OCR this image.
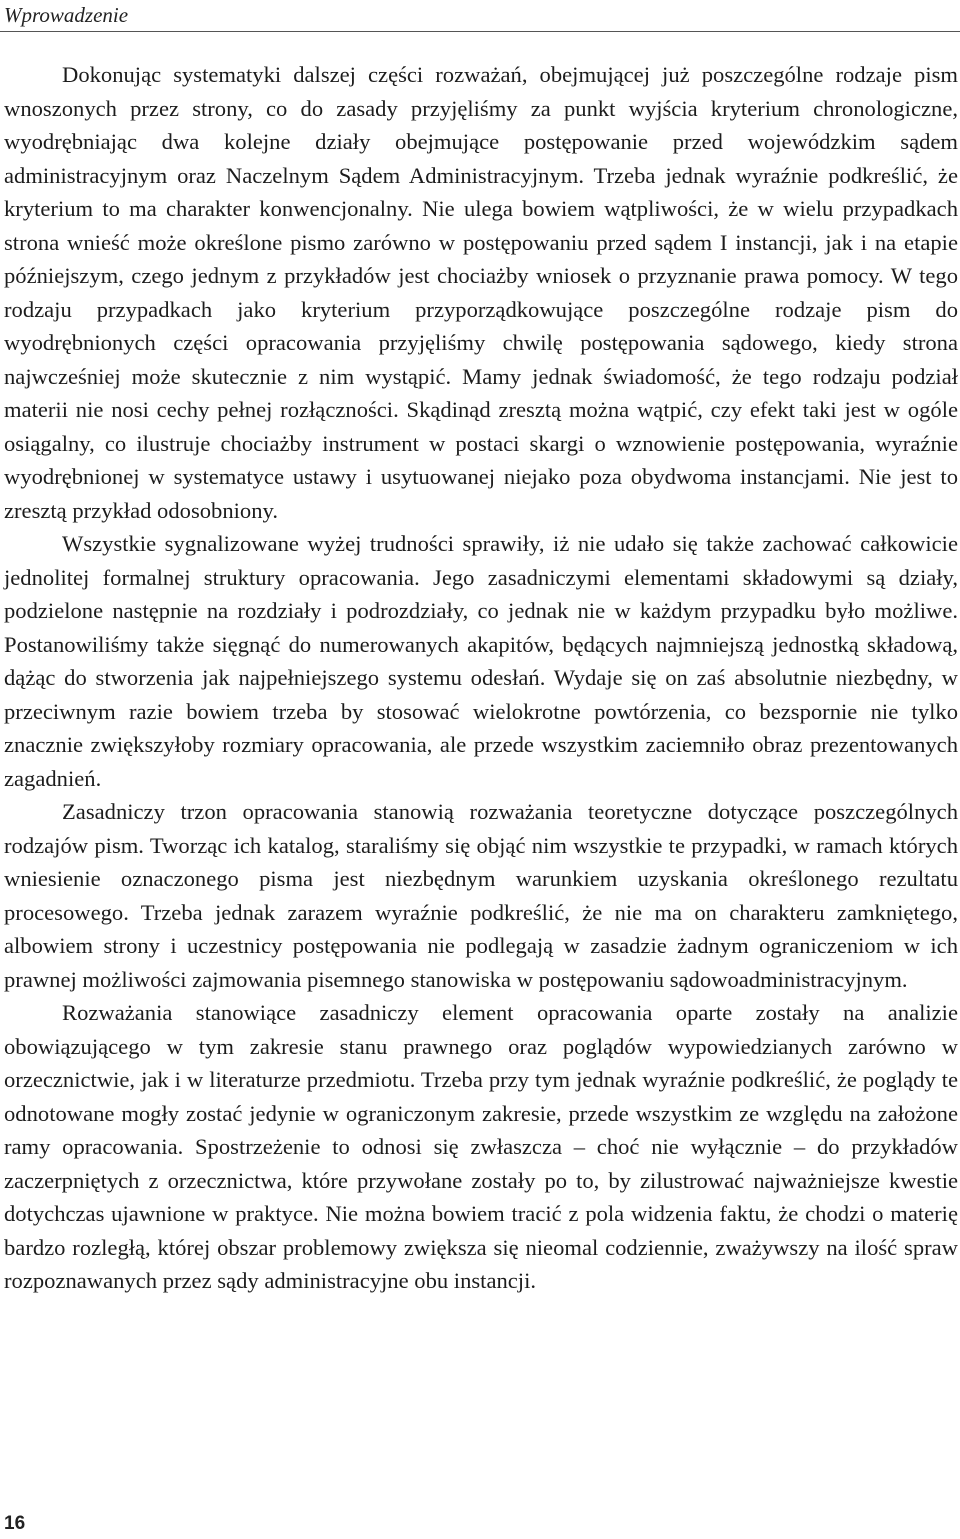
Wprowadzenie

Dokonując systematyki dalszej części rozważań, obejmującej już poszczególne rodzaje pism wnoszonych przez strony, co do zasady przyjęliśmy za punkt wyjścia kryterium chronologiczne, wyodrębniając dwa kolejne działy obejmujące postępowanie przed wojewódzkim sądem administracyjnym oraz Naczelnym Sądem Administracyjnym. Trzeba jednak wyraźnie podkreślić, że kryterium to ma charakter konwencjonalny. Nie ulega bowiem wątpliwości, że w wielu przypadkach strona wnieść może określone pismo zarówno w postępowaniu przed sądem I instancji, jak i na etapie późniejszym, czego jednym z przykładów jest chociażby wniosek o przyznanie prawa pomocy. W tego rodzaju przypadkach jako kryterium przyporządkowujące poszczególne rodzaje pism do wyodrębnionych części opracowania przyjęliśmy chwilę postępowania sądowego, kiedy strona najwcześniej może skutecznie z nim wystąpić. Mamy jednak świadomość, że tego rodzaju podział materii nie nosi cechy pełnej rozłączności. Skądinąd zresztą można wątpić, czy efekt taki jest w ogóle osiągalny, co ilustruje chociażby instrument w postaci skargi o wznowienie postępowania, wyraźnie wyodrębnionej w systematyce ustawy i usytuowanej niejako poza obydwoma instancjami. Nie jest to zresztą przykład odosobniony.

Wszystkie sygnalizowane wyżej trudności sprawiły, iż nie udało się także zachować całkowicie jednolitej formalnej struktury opracowania. Jego zasadniczymi elementami składowymi są działy, podzielone następnie na rozdziały i podrozdziały, co jednak nie w każdym przypadku było możliwe. Postanowiliśmy także sięgnąć do numerowanych akapitów, będących najmniejszą jednostką składową, dążąc do stworzenia jak najpełniejszego systemu odesłań. Wydaje się on zaś absolutnie niezbędny, w przeciwnym razie bowiem trzeba by stosować wielokrotne powtórzenia, co bezspornie nie tylko znacznie zwiększyłoby rozmiary opracowania, ale przede wszystkim zaciemniło obraz prezentowanych zagadnień.

Zasadniczy trzon opracowania stanowią rozważania teoretyczne dotyczące poszczególnych rodzajów pism. Tworząc ich katalog, staraliśmy się objąć nim wszystkie te przypadki, w ramach których wniesienie oznaczonego pisma jest niezbędnym warunkiem uzyskania określonego rezultatu procesowego. Trzeba jednak zarazem wyraźnie podkreślić, że nie ma on charakteru zamkniętego, albowiem strony i uczestnicy postępowania nie podlegają w zasadzie żadnym ograniczeniom w ich prawnej możliwości zajmowania pisemnego stanowiska w postępowaniu sądowoadministracyjnym.

Rozważania stanowiące zasadniczy element opracowania oparte zostały na analizie obowiązującego w tym zakresie stanu prawnego oraz poglądów wypowiedzianych zarówno w orzecznictwie, jak i w literaturze przedmiotu. Trzeba przy tym jednak wyraźnie podkreślić, że poglądy te odnotowane mogły zostać jedynie w ograniczonym zakresie, przede wszystkim ze względu na założone ramy opracowania. Spostrzeżenie to odnosi się zwłaszcza – choć nie wyłącznie – do przykładów zaczerpniętych z orzecznictwa, które przywołane zostały po to, by zilustrować najważniejsze kwestie dotychczas ujawnione w praktyce. Nie można bowiem tracić z pola widzenia faktu, że chodzi o materię bardzo rozległą, której obszar problemowy zwiększa się nieomal codziennie, zważywszy na ilość spraw rozpoznawanych przez sądy administracyjne obu instancji.

16
